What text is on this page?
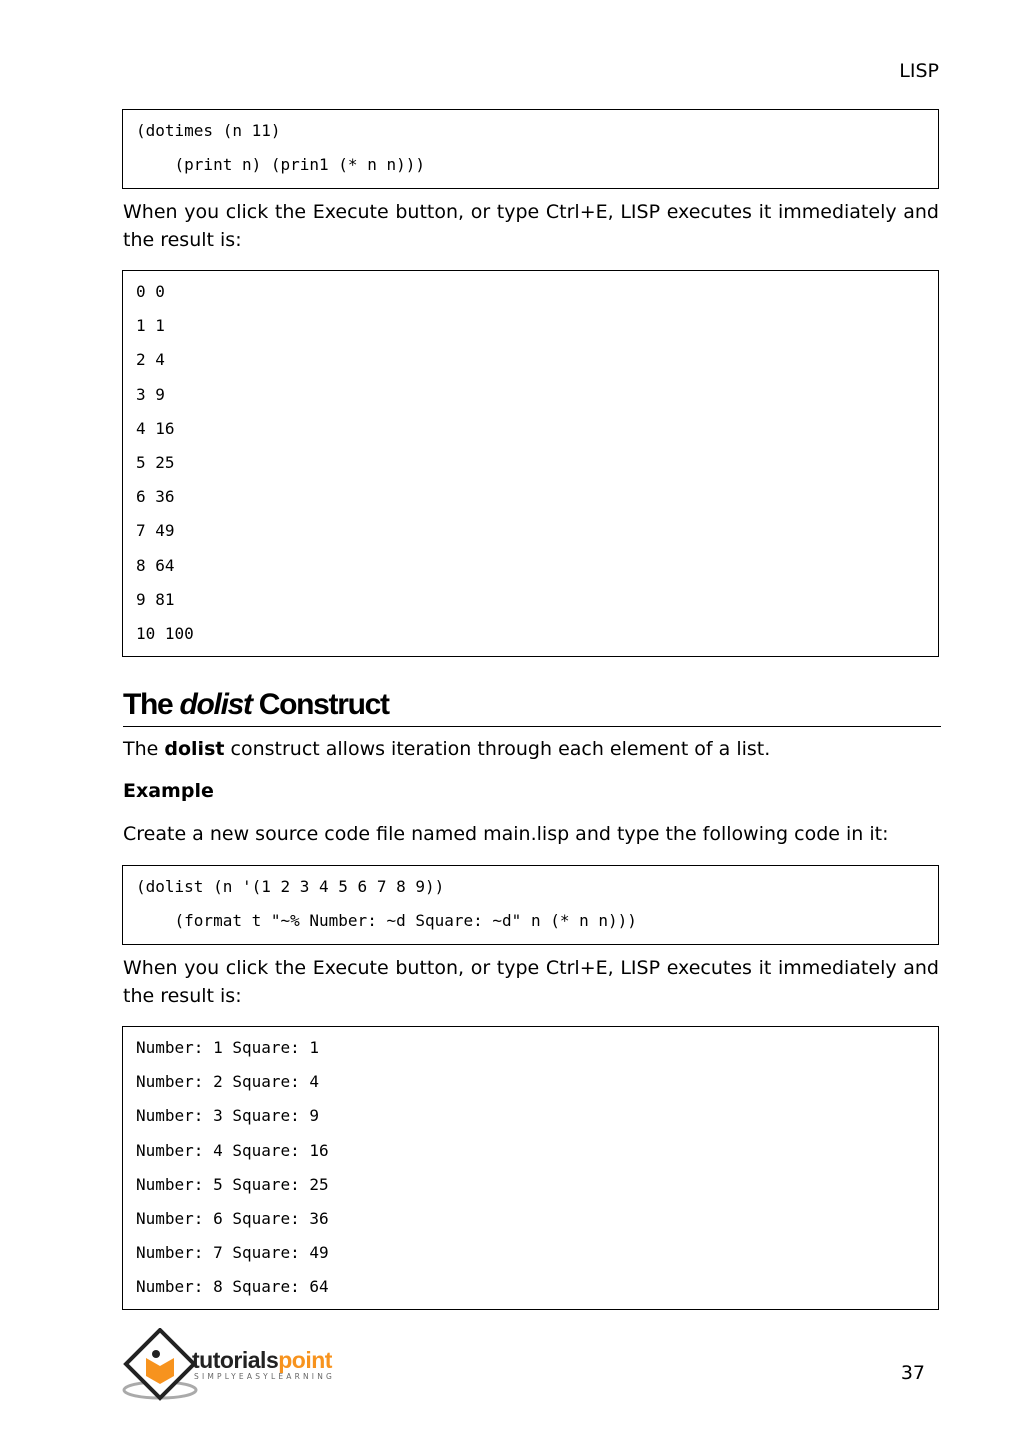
LISP
(dotimes (n 11)
(print n) (prin1 (* n n)))
When you click the Execute button, or type Ctrl+E, LISP executes it immediately and the result is:
0 0
1 1
2 4
3 9
4 16
5 25
6 36
7 49
8 64
9 81
10 100
The dolist Construct
The dolist construct allows iteration through each element of a list.
Example
Create a new source code file named main.lisp and type the following code in it:
(dolist (n '(1 2 3 4 5 6 7 8 9))
(format t "~% Number: ~d Square: ~d" n (* n n)))
When you click the Execute button, or type Ctrl+E, LISP executes it immediately and the result is:
Number: 1 Square: 1
Number: 2 Square: 4
Number: 3 Square: 9
Number: 4 Square: 16
Number: 5 Square: 25
Number: 6 Square: 36
Number: 7 Square: 49
Number: 8 Square: 64
tutorialspoint
SIMPLYEASYLEARNING	37
